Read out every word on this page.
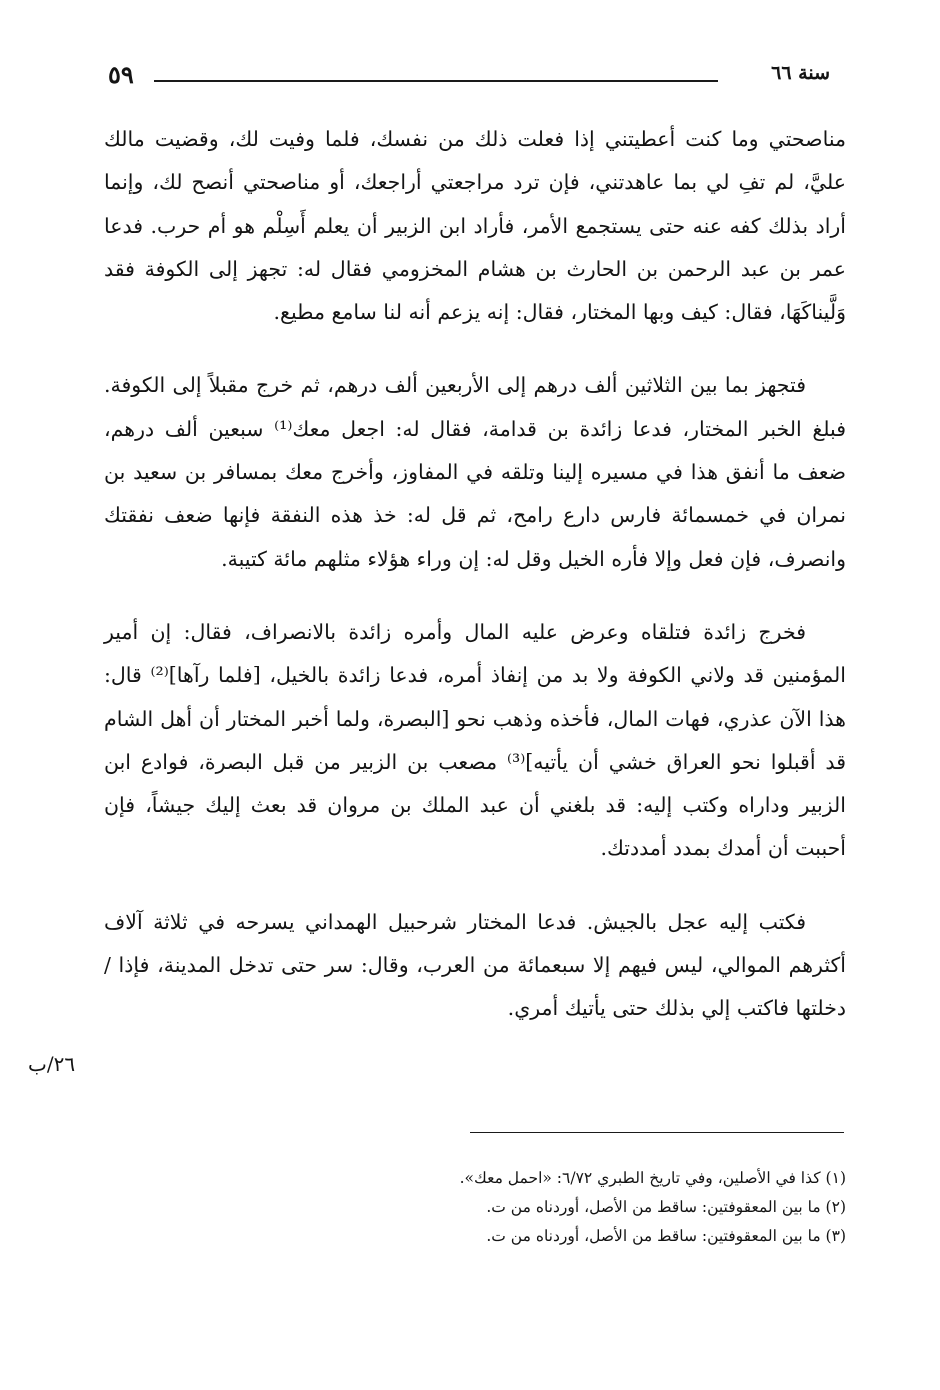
٥٩	سنة ٦٦

مناصحتي وما كنت أعطيتني إذا فعلت ذلك من نفسك، فلما وفيت لك، وقضيت مالك عليَّ، لم تفِ لي بما عاهدتني، فإن ترد مراجعتي أراجعك، أو مناصحتي أنصح لك، وإنما أراد بذلك كفه عنه حتى يستجمع الأمر، فأراد ابن الزبير أن يعلم أَسِلْم هو أم حرب. فدعا عمر بن عبد الرحمن بن الحارث بن هشام المخزومي فقال له: تجهز إلى الكوفة فقد وَلَّيناكَهَا، فقال: كيف وبها المختار، فقال: إنه يزعم أنه لنا سامع مطيع.

فتجهز بما بين الثلاثين ألف درهم إلى الأربعين ألف درهم، ثم خرج مقبلاً إلى الكوفة. فبلغ الخبر المختار، فدعا زائدة بن قدامة، فقال له: اجعل معك⁽¹⁾ سبعين ألف درهم، ضعف ما أنفق هذا في مسيره إلينا وتلقه في المفاوز، وأخرج معك بمسافر بن سعيد بن نمران في خمسمائة فارس دارع رامح، ثم قل له: خذ هذه النفقة فإنها ضعف نفقتك وانصرف، فإن فعل وإلا فأره الخيل وقل له: إن وراء هؤلاء مثلهم مائة كتيبة.

فخرج زائدة فتلقاه وعرض عليه المال وأمره زائدة بالانصراف، فقال: إن أمير المؤمنين قد ولاني الكوفة ولا بد من إنفاذ أمره، فدعا زائدة بالخيل، [فلما رآها]⁽²⁾ قال: هذا الآن عذري، فهات المال، فأخذه وذهب نحو [البصرة، ولما أخبر المختار أن أهل الشام قد أقبلوا نحو العراق خشي أن يأتيه]⁽³⁾ مصعب بن الزبير من قبل البصرة، فوادع ابن الزبير وداراه وكتب إليه: قد بلغني أن عبد الملك بن مروان قد بعث إليك جيشاً، فإن أحببت أن أمدك بمدد أمددتك.

فكتب إليه عجل بالجيش. فدعا المختار شرحبيل الهمداني يسرحه في ثلاثة آلاف أكثرهم الموالي، ليس فيهم إلا سبعمائة من العرب، وقال: سر حتى تدخل المدينة، فإذا / دخلتها فاكتب إلي بذلك حتى يأتيك أمري.

٢٦/ب

(١) كذا في الأصلين، وفي تاريخ الطبري ٦/٧٢: «احمل معك».

(٢) ما بين المعقوفتين: ساقط من الأصل، أوردناه من ت.

(٣) ما بين المعقوفتين: ساقط من الأصل، أوردناه من ت.
